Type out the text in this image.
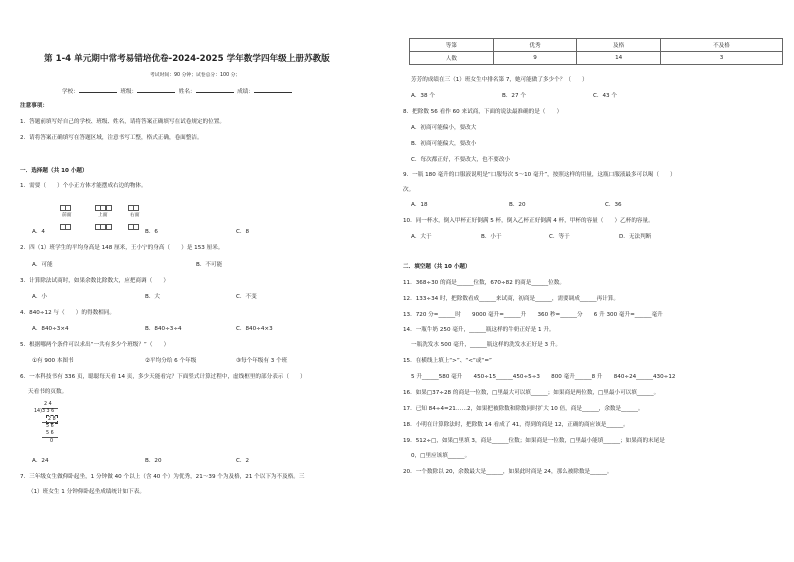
第 1-4 单元期中常考易错培优卷-2024-2025 学年数学四年级上册苏教版
考试时间：90 分钟；试卷总分：100 分；
学校：	班级：	姓名：	成绩：
注意事项：
1．答题前填写好自己的学校、班级、姓名，请将答案正确填写在试卷规定的位置。
2．请将答案正确填写在答题区域，注意书写工整，格式正确，卷面整洁。
一．选择题（共 10 小题）
1．需要（　　）个小正方体才能摆成右边的物体。
前面	上面	右面
A．4	B．6	C．8
2．四（1）班学生的平均身高是 148 厘米，王小宁的身高（　　）是 153 厘米。
A．可能	B．不可能
3．计算除法试商时，如果余数比除数大，应把商调（　　）
A．小	B．大	C．不变
4．840÷12 与（　　）的得数相同。
A．840÷3×4	B．840÷3÷4	C．840÷4×3
5．根据哪两个条件可以求出“一共有多少个班级？”（　　）
①有 900 本图书	②平均分给 6 个年级	③每个年级有 3 个班
6．一本科技书有 336 页，聪聪每天看 14 页，多少天能看完？下面竖式计算过程中，虚线框里的部分表示（　　）
天看书的页数。
2 4
14)3 3 6
2 8
5 6
5 6
0
A．24	B．20	C．2
7．三年级女生做仰卧起坐，1 分钟做 40 个以上（含 40 个）为优秀，21～39 个为及格，21 个以下为不及格。三
（1）班女生 1 分钟仰卧起坐成绩统计如下表。
等第	优秀	及格	不及格
人数	9	14	3
芳芳的成绩在三（1）班女生中排名第 7，她可能做了多少个？（　　）
A．38 个	B．27 个	C．43 个
8．把除数 56 看作 60 来试商，下面的说法最准确的是（　　）
A．初商可能偏小，要改大
B．初商可能偏大，要改小
C．每次都正好，不要改大，也不要改小
9．一瓶 180 毫升的口服液说明是“口服每次 5～10 毫升”，按照这样的用量，这瓶口服液最多可以喝（　　）
次。
A．18	B．20	C．36
10．同一杯水，倒入甲杯正好倒满 5 杯，倒入乙杯正好倒满 4 杯，甲杯的容量（　　）乙杯的容量。
A．大于	B．小于	C．等于	D．无法判断
二．填空题（共 10 小题）
11．368÷30 的商是______位数，670÷82 的商是______位数。
12．133÷34 时，把除数看成______来试商，初商是______，需要调成______再计算。
13．720 分=______时　　9000 毫升=______升　　360 秒=______分　　6 升 300 毫升=______毫升
14．一瓶牛奶 250 毫升，______瓶这样的牛奶正好是 1 升。
一瓶洗发水 500 毫升，______瓶这样的洗发水正好是 3 升。
15．在横线上填上“>”、“<”或“=”
5 升______580 毫升　　450÷15______450÷5÷3　　800 毫升______8 升　　840÷24______430÷12
16．如果□37÷28 的商是一位数，□里最大可以填______；如果商是两位数，□里最小可以填______。
17．已知 84÷4=21……2，如果把被除数和除数同时扩大 10 倍，商是______，余数是______。
18．小明在计算除法时，把除数 14 看成了 41，得到的商是 12，正确的商应该是______。
19．512÷□，如果□里填 3，商是______位数；如果商是一位数，□里最小能填______；如果商的末尾是
0，□里应该填______。
20．一个数除以 20，余数最大是______，如果此时商是 24，那么被除数是______。
